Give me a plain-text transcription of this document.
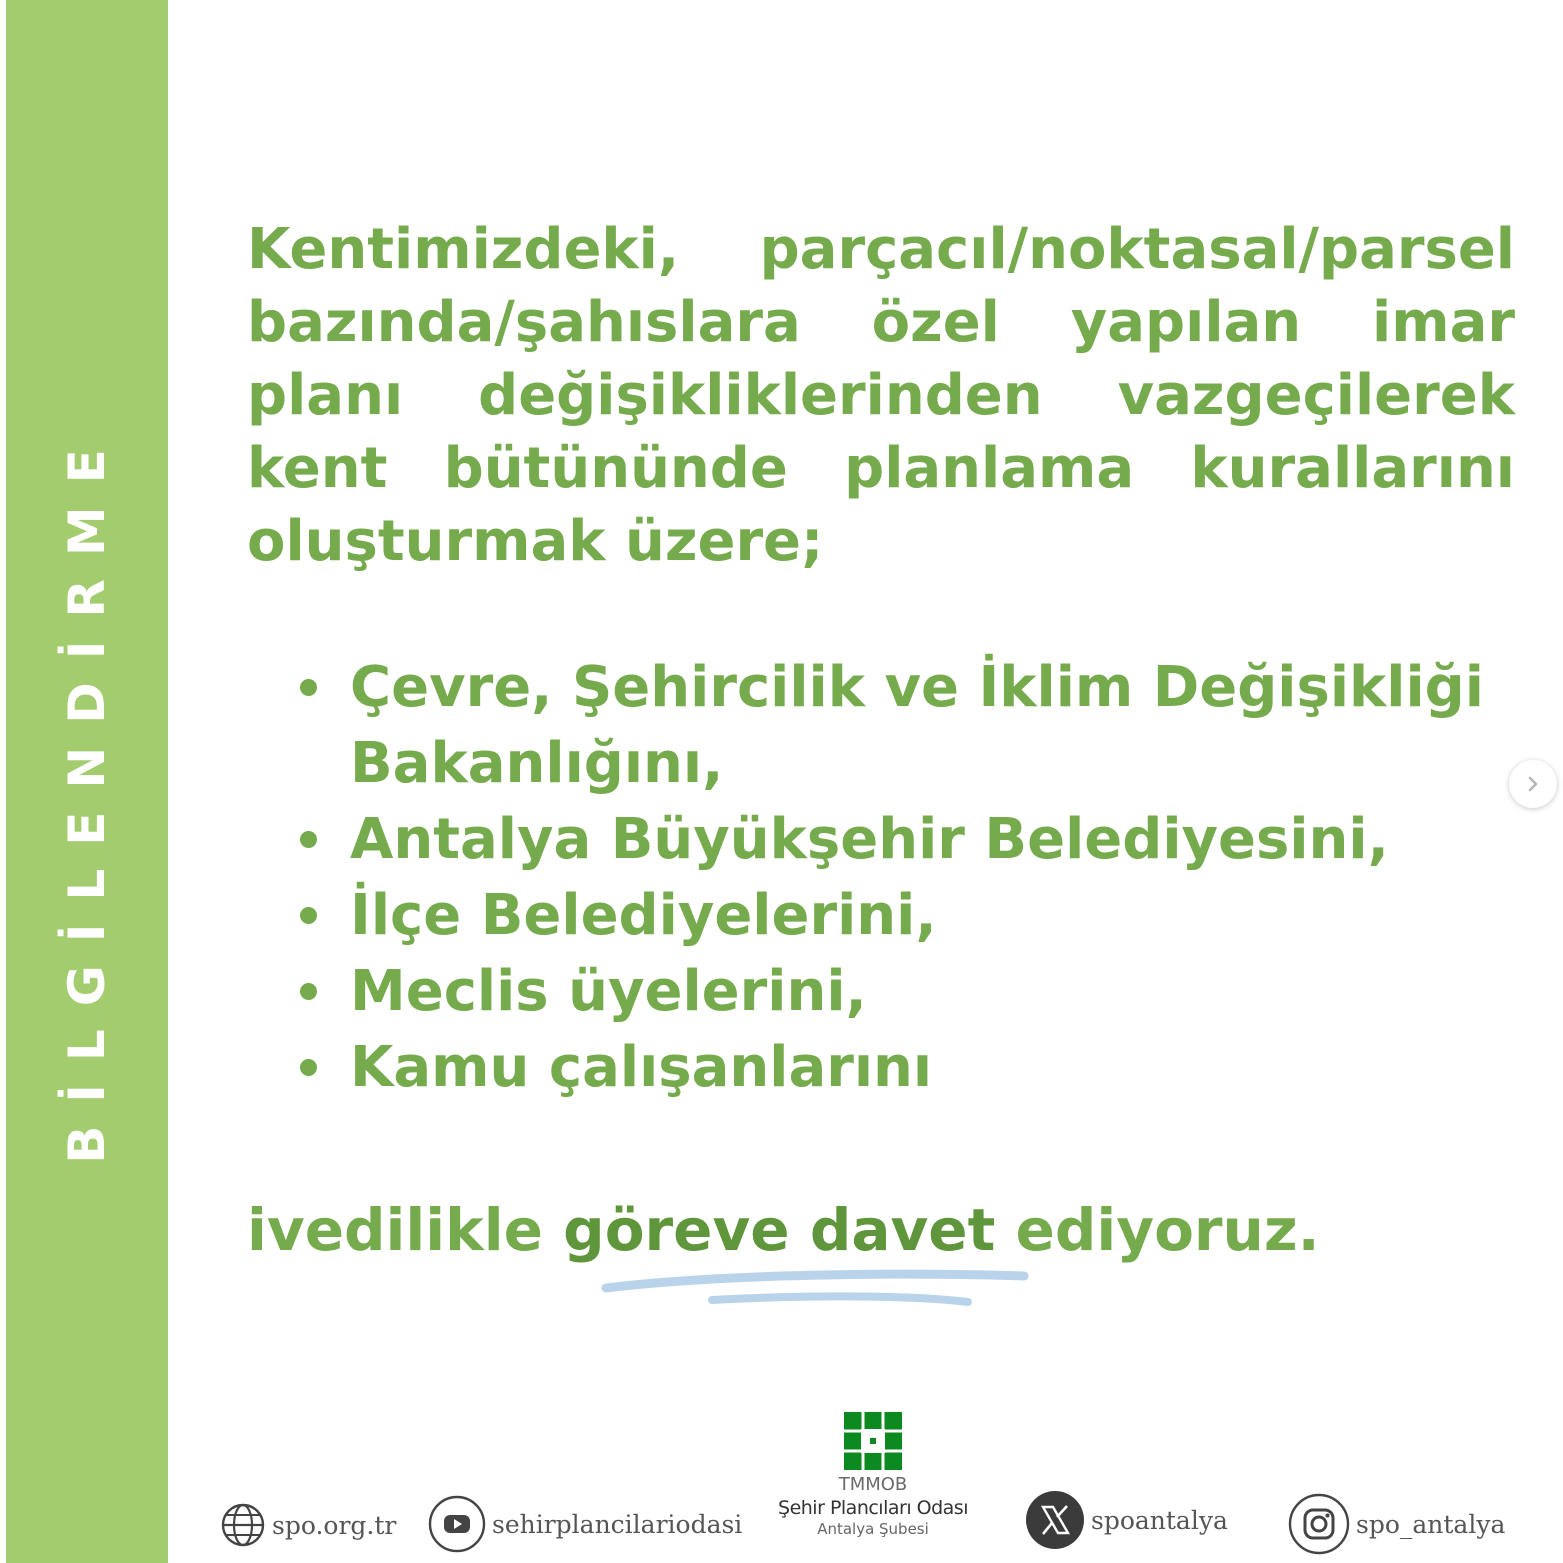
BİLGİLENDİRME

Kentimizdeki, parçacıl/noktasal/parsel bazında/şahıslara özel yapılan imar planı değişikliklerinden vazgeçilerek kent bütününde planlama kurallarını oluşturmak üzere;

Çevre, Şehircilik ve İklim Değişikliği Bakanlığını,
Antalya Büyükşehir Belediyesini,
İlçe Belediyelerini,
Meclis üyelerini,
Kamu çalışanlarını

ivedilikle göreve davet ediyoruz.

spo.org.tr	sehirplancilariodasi
TMMOB
Şehir Plancıları Odası
Antalya Şubesi	spoantalya	spo_antalya
